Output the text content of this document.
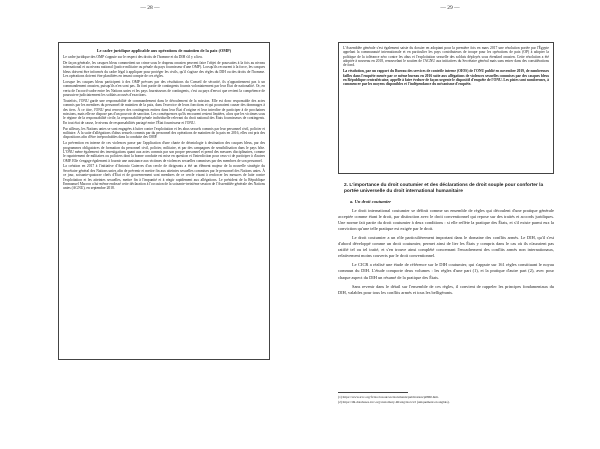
— 28 —
Le cadre juridique applicable aux opérations de maintien de la paix (OMP)

Le cadre juridique des OMP s'appuie sur le respect des droits de l'homme et du DIH s'il y a lieu.

De façon générale, les casques bleus commettent un crime sous le drapeau onusien peuvent faire l'objet de poursuites à la fois au niveau international et au niveau national (justice militaire ou pénale du pays fournisseur d'une OMP). Lorsqu'ils recourent à la force, les casques bleus doivent être informés du cadre légal à appliquer pour protéger les civils, qu'il s'agisse des règles du DIH ou des droits de l'homme. Les opérations doivent être planifiées en tenant compte de ces règles.

Lorsque les casques bleus participent à des OMP prévues par des résolutions du Conseil de sécurité, ils n'appartiennent pas à un commandement onusien, puisqu'ils n'en sont pas. Ils font partie de contingents fournis volontairement par leur État de nationalité. Or, en vertu de l'accord-cadre entre les Nations unies et les pays fournisseurs de contingents, c'est au pays d'envoi que revient la compétence de poursuivre judiciairement les soldats accusés d'exactions.

Toutefois, l'ONU garde une responsabilité de commandement dans le déroulement de la mission. Elle est donc responsable des actes commis par les membres du personnel de maintien de la paix, dans l'exercice de leurs fonctions et qui pourraient causer des dommages à des tiers. À ce titre, l'ONU peut renvoyer des contingents entiers dans leur État d'origine et leur interdire de participer à de prochaines missions, mais elle ne dispose pas d'un pouvoir de sanction. Les conséquences qu'ils encourent restent limitées, alors que les victimes sous le régime de la responsabilité civile, la responsabilité pénale individuelle relevant du droit national des États fournisseurs de contingents. En tout état de cause, le niveau de responsabilités partagé entre l'État fournisseur et l'ONU.

Par ailleurs, les Nations unies se sont engagées à lutter contre l'exploitation et les abus sexuels commis par leur personnel civil, policier et militaire. À la suite d'allégations d'abus sexuels commis par du personnel des opérations de maintien de la paix en 2016, elles ont pris des dispositions afin d'être irréprochables dans la conduite des OMP.

La prévention en interne de ces violences passe par l'application d'une charte de déontologie à destination des casques bleus, par des programmes obligatoires de formation du personnel civil, policier, militaire, et par des campagnes de sensibilisation dans le pays hôte. L'ONU mène également des investigations quant aux actes commis par son propre personnel et prend des mesures disciplinaires, comme le rapatriement de militaires ou policiers dont la bonne conduite est mise en question et l'interdiction pour ceux-ci de participer à d'autres OMP. Elle s'engage également à fournir une assistance aux victimes de violences sexuelles commises par des membres de son personnel.

La création en 2017 à l'initiative d'Antonio Guterres d'un cercle de dirigeants a été un élément majeur de la nouvelle stratégie du Secrétaire général des Nations unies afin de prévenir et mettre fin aux atteintes sexuelles commises par le personnel des Nations unies. À ce jour, soixante-quatorze chefs d'État et de gouvernement sont membres de ce cercle visant à renforcer les mesures de lutte contre l'exploitation et les atteintes sexuelles, mettre fin à l'impunité et à réagir rapidement aux allégations. Le président de la République Emmanuel Macron a lui-même endossé cette déclaration à l'occasion de la soixante-treizième session de l'Assemblée générale des Nations unies (AGNU), en septembre 2018.

— 29 —

L'Assemblée générale s'est également saisie du dossier en adoptant pour la première fois en mars 2017 une résolution portée par l'Égypte appelant la communauté internationale et en particulier les pays contributeurs de troupe pour les opérations de paix (OP) à adopter la politique de la tolérance zéro contre les abus et l'exploitation sexuelle des soldats déployés sous étendard onusien. Cette résolution a été adoptée à nouveau en 2018, renouvelant le soutien de l'AGNU aux initiatives du Secrétaire général mais sans entrer dans des considérations de fond.

La résolution, par un rapport du Bureau des services de contrôle interne (OIOS) de l'ONU publié en novembre 2019, de nombreuses failles dans l'enquête menée par ce même bureau en 2016 suite aux allégations de violences sexuelles commises par des casques bleus en République centrafricaine, appelle à faire évoluer de façon urgente le dispositif d'enquête de l'ONU. Les pistes sont nombreuses, à commencer par les moyens disponibles et l'indépendance du mécanisme d'enquête.

2. L'importance du droit coutumier et des déclarations de droit souple pour conforter la portée universelle du droit international humanitaire
a. Un droit coutumier

Le droit international coutumier se définit comme un ensemble de règles qui découlent d'une pratique générale acceptée comme étant le droit, par distinction avec le droit conventionnel qui repose sur des traités et accords juridiques. Une norme fait partie du droit coutumier à deux conditions : si elle reflète la pratique des États, et s'il existe parmi eux la conviction qu'une telle pratique est exigée par le droit.

Le droit coutumier a un rôle particulièrement important dans le domaine des conflits armés. Le DIH, qu'il s'est d'abord développé comme un droit coutumier, permet ainsi de lier les États y compris dans le cas où ils n'auraient pas ratifié tel ou tel traité, et s'en trouve ainsi complété concernant l'encadrement des conflits armés non internationaux, relativement moins couverts par le droit conventionnel.

Le CICR a réalisé une étude de référence sur le DIH coutumier, qui s'appuie sur 161 règles constituant le noyau commun du DIH. L'étude comporte deux volumes : les règles d'une part (1), et la pratique d'autre part (2), avec pour chaque aspect du DIH un résumé de la pratique des États.

Sans revenir dans le détail sur l'ensemble de ces règles, il convient de rappeler les principes fondamentaux du DIH, valables pour tous les conflits armés et tous les belligérants.

(1) https://www.icrc.org/fr/doc/resources/documents/publication/p0860.htm.
(2) https://ihl-databases.icrc.org/customary-ihl/eng/docs/v2 (uniquement en anglais).
